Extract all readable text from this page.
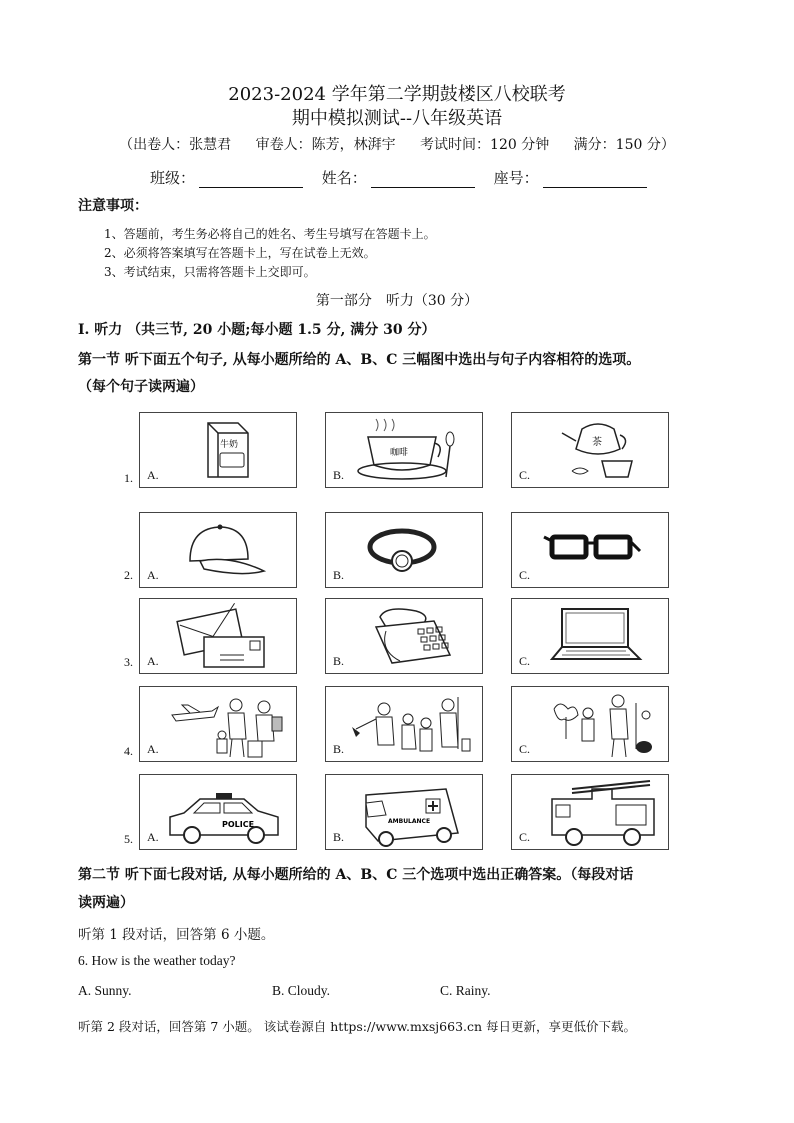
2023-2024 学年第二学期鼓楼区八校联考
期中模拟测试--八年级英语
（出卷人：张慧君 审卷人：陈芳，林湃宇 考试时间：120 分钟 满分：150 分）
班级：	姓名：	座号：
注意事项：
1、答题前，考生务必将自己的姓名、考生号填写在答题卡上。
2、必须将答案填写在答题卡上，写在试卷上无效。
3、考试结束，只需将答题卡上交即可。
第一部分　听力（30 分）
I. 听力 （共三节, 20 小题;每小题 1.5 分, 满分 30 分）
第一节 听下面五个句子, 从每小题所给的 A、B、C 三幅图中选出与句子内容相符的选项。
（每个句子读两遍）
1.
牛奶
A.
咖啡
B.
茶
C.
2. A.	B.	C.
3. A.	B.	C.
4. A.	B.	C.
5.
POLICE
A.
AMBULANCE
B.	C.
第二节 听下面七段对话, 从每小题所给的 A、B、C 三个选项中选出正确答案。（每段对话
读两遍）
听第 1 段对话，回答第 6 小题。
6. How is the weather today?
A. Sunny.	B. Cloudy.	C. Rainy.
听第 2 段对话，回答第 7 小题。 该试卷源自 https://www.mxsj663.cn 每日更新，享更低价下载。
